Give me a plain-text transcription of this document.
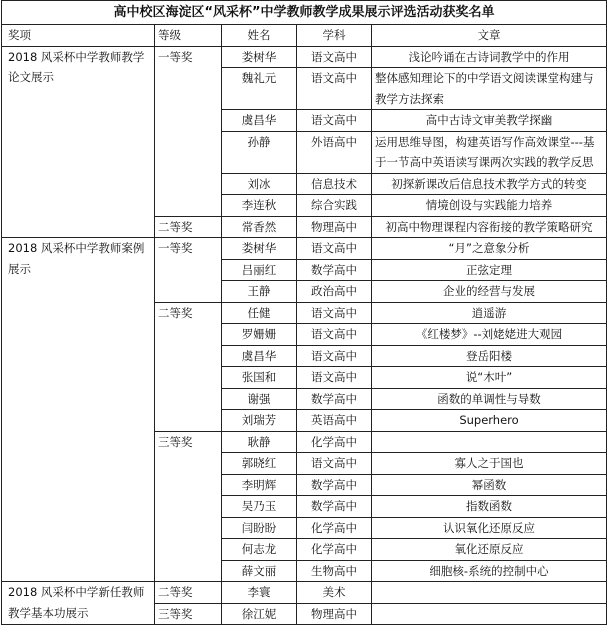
高中校区海淀区“风采杯”中学教师教学成果展示评选活动获奖名单
奖项	等级	姓名	学科	文章
2018 风采杯中学教师教学论文展示	一等奖	娄树华	语文高中	浅论吟诵在古诗词教学中的作用
		魏礼元	语文高中	整体感知理论下的中学语文阅读课堂构建与教学方法探索
		虞昌华	语文高中	高中古诗文审美教学探幽
		孙静	外语高中	运用思维导图，构建英语写作高效课堂---基于一节高中英语读写课两次实践的教学反思
		刘冰	信息技术	初探新课改后信息技术教学方式的转变
		李连秋	综合实践	情境创设与实践能力培养
	二等奖	常香然	物理高中	初高中物理课程内容衔接的教学策略研究
2018 风采杯中学教师案例展示	一等奖	娄树华	语文高中	“月”之意象分析
		吕丽红	数学高中	正弦定理
		王静	政治高中	企业的经营与发展
	二等奖	任健	语文高中	逍遥游
		罗姗姗	语文高中	《红楼梦》--刘姥姥进大观园
		虞昌华	语文高中	登岳阳楼
		张国和	语文高中	说“木叶”
		谢强	数学高中	函数的单调性与导数
		刘瑞芳	英语高中	Superhero
	三等奖	耿静	化学高中	
		郭晓红	语文高中	寡人之于国也
		李明辉	数学高中	幂函数
		吴乃玉	数学高中	指数函数
		闫盼盼	化学高中	认识氧化还原反应
		何志龙	化学高中	氧化还原反应
		薛文丽	生物高中	细胞核-系统的控制中心
2018 风采杯中学新任教师教学基本功展示	二等奖	李寰	美术	
	三等奖	徐江妮	物理高中	
